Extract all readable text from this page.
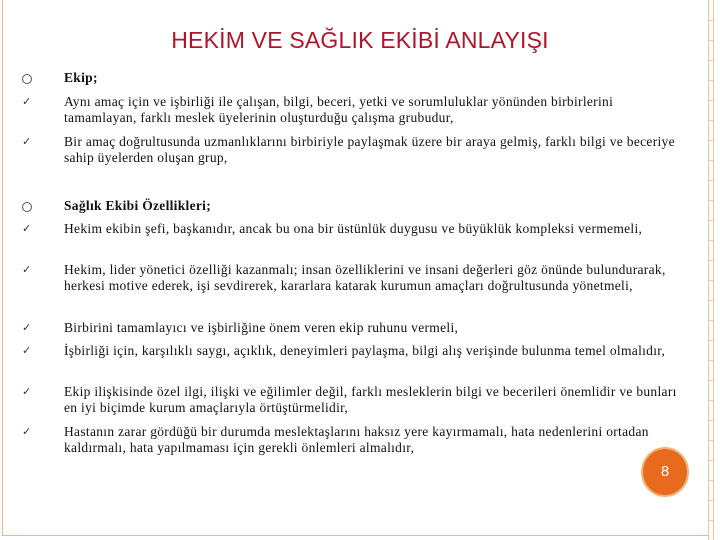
HEKİM VE SAĞLIK EKİBİ ANLAYIŞI
Ekip;
✓	Aynı amaç için ve işbirliği ile çalışan, bilgi, beceri, yetki ve sorumluluklar yönünden birbirlerini tamamlayan, farklı meslek üyelerinin oluşturduğu çalışma grubudur,
✓	Bir amaç doğrultusunda uzmanlıklarını birbiriyle paylaşmak üzere bir araya gelmiş, farklı bilgi ve beceriye sahip üyelerden oluşan grup,
Sağlık Ekibi Özellikleri;
✓	Hekim ekibin şefi, başkanıdır, ancak bu ona bir üstünlük duygusu ve büyüklük kompleksi vermemeli,
✓	Hekim, lider yönetici özelliği kazanmalı; insan özelliklerini ve insani değerleri göz önünde bulundurarak, herkesi motive ederek, işi sevdirerek, kararlara katarak kurumun amaçları doğrultusunda yönetmeli,
✓	Birbirini tamamlayıcı ve işbirliğine önem veren ekip ruhunu vermeli,
✓	İşbirliği için, karşılıklı saygı, açıklık, deneyimleri paylaşma, bilgi alış verişinde bulunma temel olmalıdır,
✓	Ekip ilişkisinde özel ilgi, ilişki ve eğilimler değil, farklı mesleklerin bilgi ve becerileri önemlidir ve bunları en iyi biçimde kurum amaçlarıyla örtüştürmelidir,
✓	Hastanın zarar gördüğü bir durumda meslektaşlarını haksız yere kayırmamalı, hata nedenlerini ortadan kaldırmalı, hata yapılmaması için gerekli önlemleri almalıdır,
8
